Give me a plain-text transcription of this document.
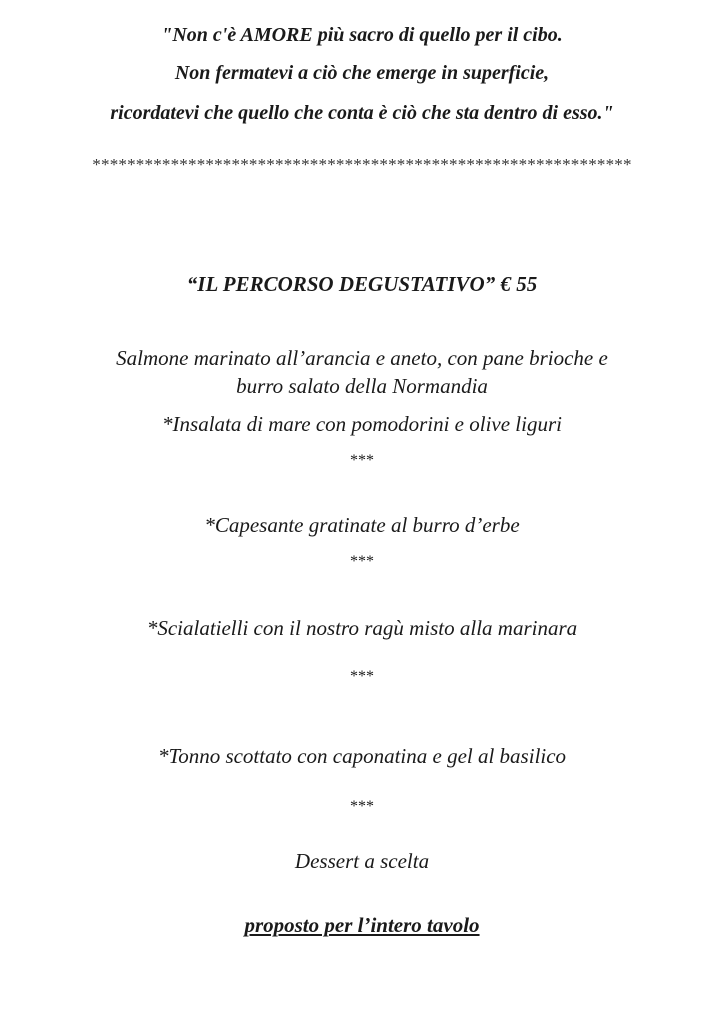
"Non c'è AMORE più sacro di quello per il cibo.
Non fermatevi a ciò che emerge in superficie,
ricordatevi che quello che conta è ciò che sta dentro di esso."
**************************************************************
“IL PERCORSO DEGUSTATIVO” € 55
Salmone marinato all’arancia e aneto, con pane brioche e
burro salato della Normandia
*Insalata di mare con pomodorini e olive liguri
***
*Capesante gratinate al burro d’erbe
***
*Scialatielli con il nostro ragù misto alla marinara
***
*Tonno scottato con caponatina e gel al basilico
***
Dessert a scelta
proposto per l’intero tavolo
